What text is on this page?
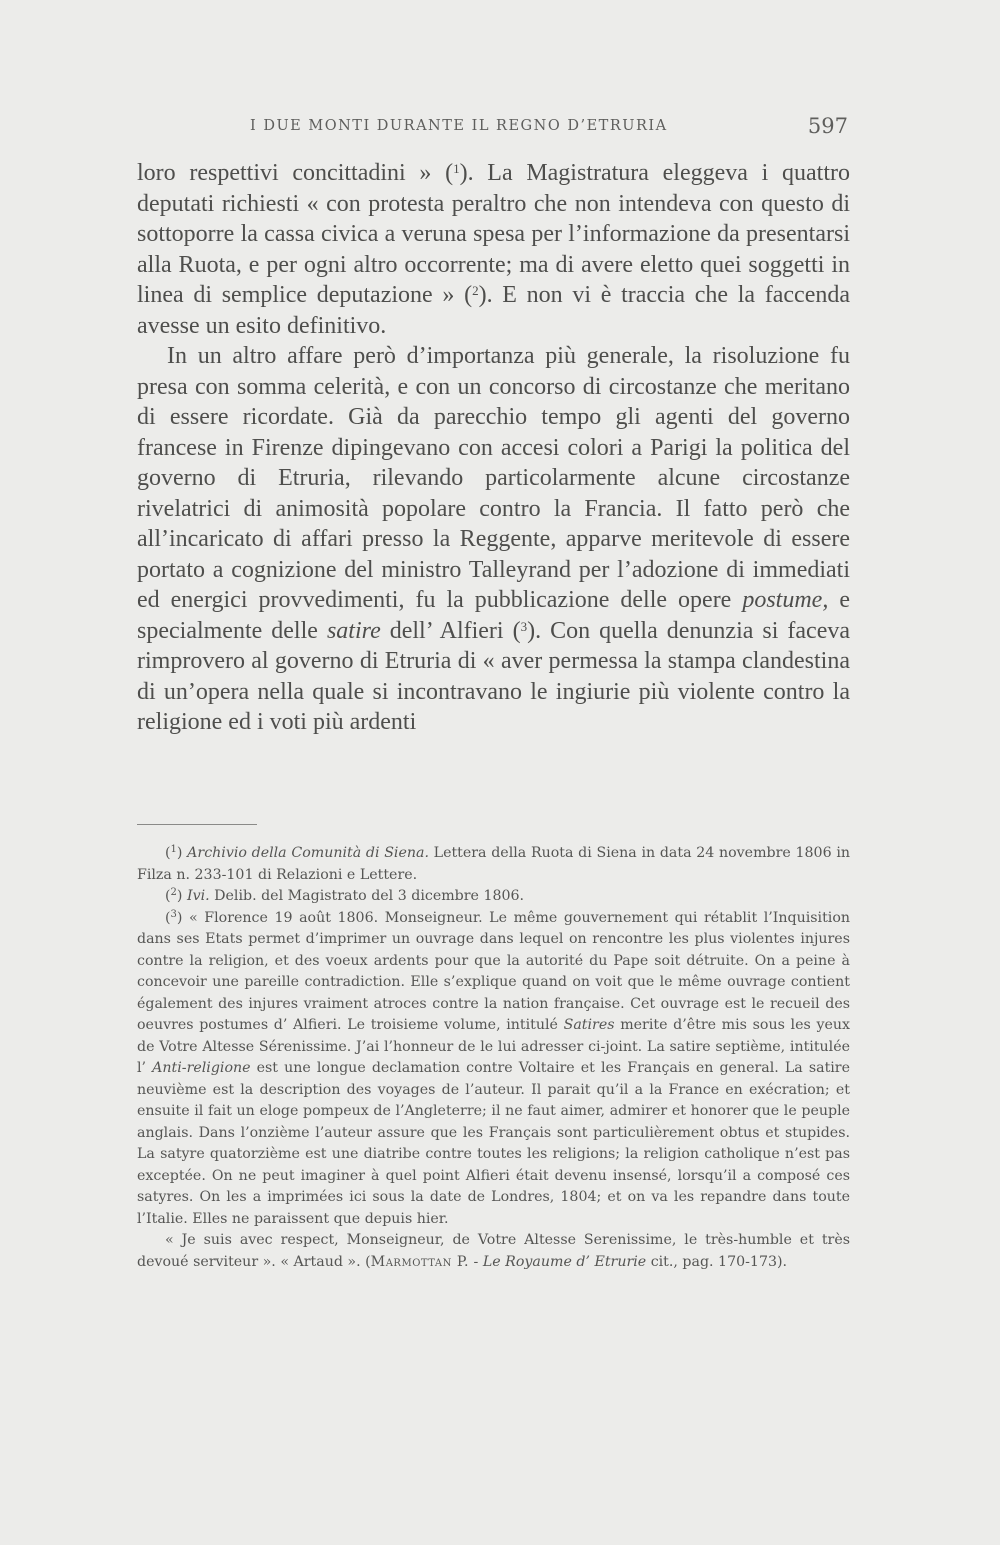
I DUE MONTI DURANTE IL REGNO D’ETRURIA	597

loro respettivi concittadini » ($^1$). La Magistratura eleggeva i quattro deputati richiesti « con protesta peraltro che non intendeva con questo di sottoporre la cassa civica a veruna spesa per l’informazione da presentarsi alla Ruota, e per ogni altro occorrente; ma di avere eletto quei soggetti in linea di semplice deputazione » ($^2$). E non vi è traccia che la faccenda avesse un esito definitivo.

In un altro affare però d’importanza più generale, la risoluzione fu presa con somma celerità, e con un concorso di circostanze che meritano di essere ricordate. Già da parecchio tempo gli agenti del governo francese in Firenze dipingevano con accesi colori a Parigi la politica del governo di Etruria, rilevando particolarmente alcune circostanze rivelatrici di animosità popolare contro la Francia. Il fatto però che all’incaricato di affari presso la Reggente, apparve meritevole di essere portato a cognizione del ministro Talleyrand per l’adozione di immediati ed energici provvedimenti, fu la pubblicazione delle opere postume, e specialmente delle satire dell’ Alfieri ($^3$). Con quella denunzia si faceva rimprovero al governo di Etruria di « aver permessa la stampa clandestina di un’opera nella quale si incontravano le ingiurie più violente contro la religione ed i voti più ardenti

($^1$) Archivio della Comunità di Siena. Lettera della Ruota di Siena in data 24 novembre 1806 in Filza n. 233-101 di Relazioni e Lettere.

($^2$) Ivi. Delib. del Magistrato del 3 dicembre 1806.

($^3$) « Florence 19 août 1806. Monseigneur. Le même gouvernement qui rétablit l’Inquisition dans ses Etats permet d’imprimer un ouvrage dans lequel on rencontre les plus violentes injures contre la religion, et des voeux ardents pour que la autorité du Pape soit détruite. On a peine à concevoir une pareille contradiction. Elle s’explique quand on voit que le même ouvrage contient également des injures vraiment atroces contre la nation française. Cet ouvrage est le recueil des oeuvres postumes d’ Alfieri. Le troisieme volume, intitulé Satires merite d’être mis sous les yeux de Votre Altesse Sérenissime. J’ai l’honneur de le lui adresser ci-joint. La satire septième, intitulée l’ Anti-religione est une longue declamation contre Voltaire et les Français en general. La satire neuvième est la description des voyages de l’auteur. Il parait qu’il a la France en exécration; et ensuite il fait un eloge pompeux de l’Angleterre; il ne faut aimer, admirer et honorer que le peuple anglais. Dans l’onzième l’auteur assure que les Français sont particulièrement obtus et stupides. La satyre quatorzième est une diatribe contre toutes les religions; la religion catholique n’est pas exceptée. On ne peut imaginer à quel point Alfieri était devenu insensé, lorsqu’il a composé ces satyres. On les a imprimées ici sous la date de Londres, 1804; et on va les repandre dans toute l’Italie. Elles ne paraissent que depuis hier.

« Je suis avec respect, Monseigneur, de Votre Altesse Serenissime, le très-humble et très devoué serviteur ». « Artaud ». (Marmottan P. - Le Royaume d’ Etrurie cit., pag. 170-173).
